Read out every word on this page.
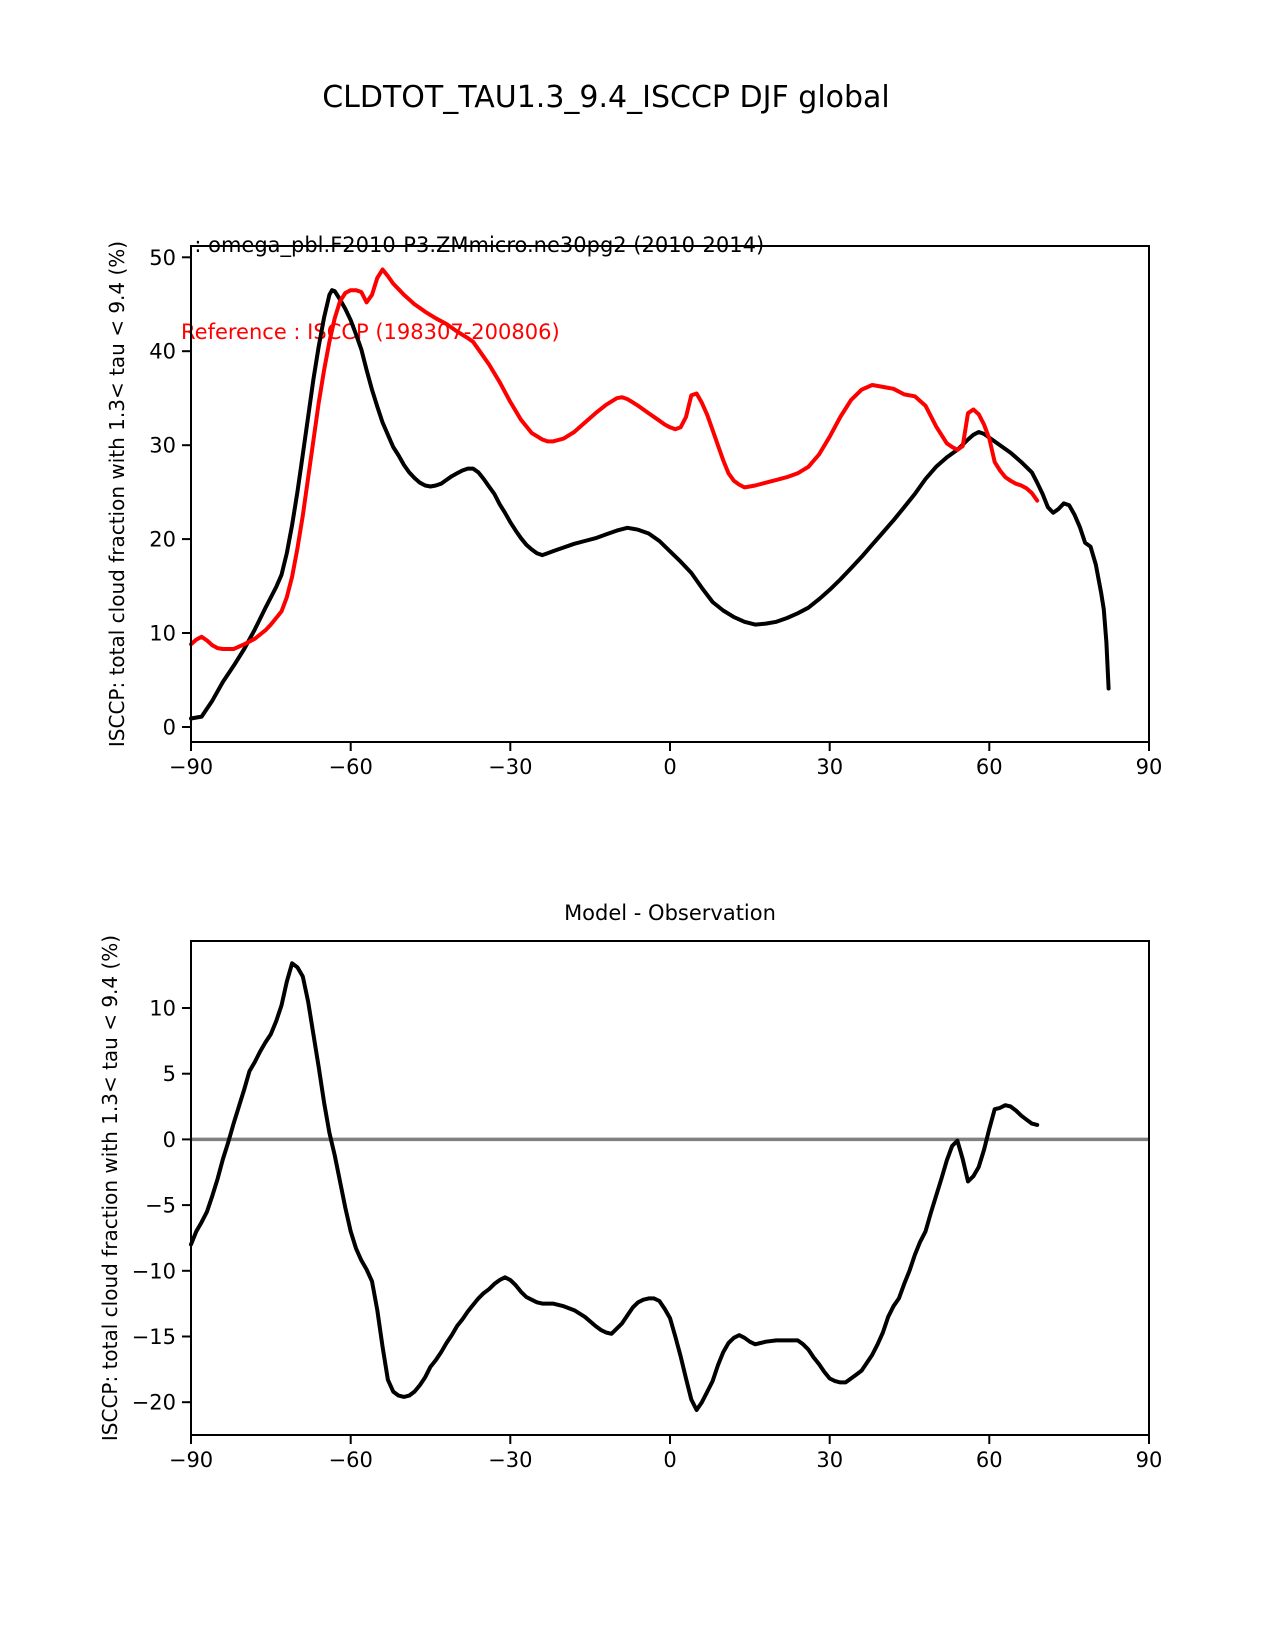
CLDTOT_TAU1.3_9.4_ISCCP DJF global

: omega_pbl.F2010-P3.ZMmicro.ne30pg2 (2010-2014)

Reference : ISCCP (198307-200806)

ISCCP: total cloud fraction with 1.3< tau < 9.4 (%)
−90	−60	−30	0	30	60	90
0
10
20
30
40
50
Model - Observation
ISCCP: total cloud fraction with 1.3< tau < 9.4 (%)
−90	−60	−30	0	30	60	90
−20
−15
−10
−5
0
5
10
